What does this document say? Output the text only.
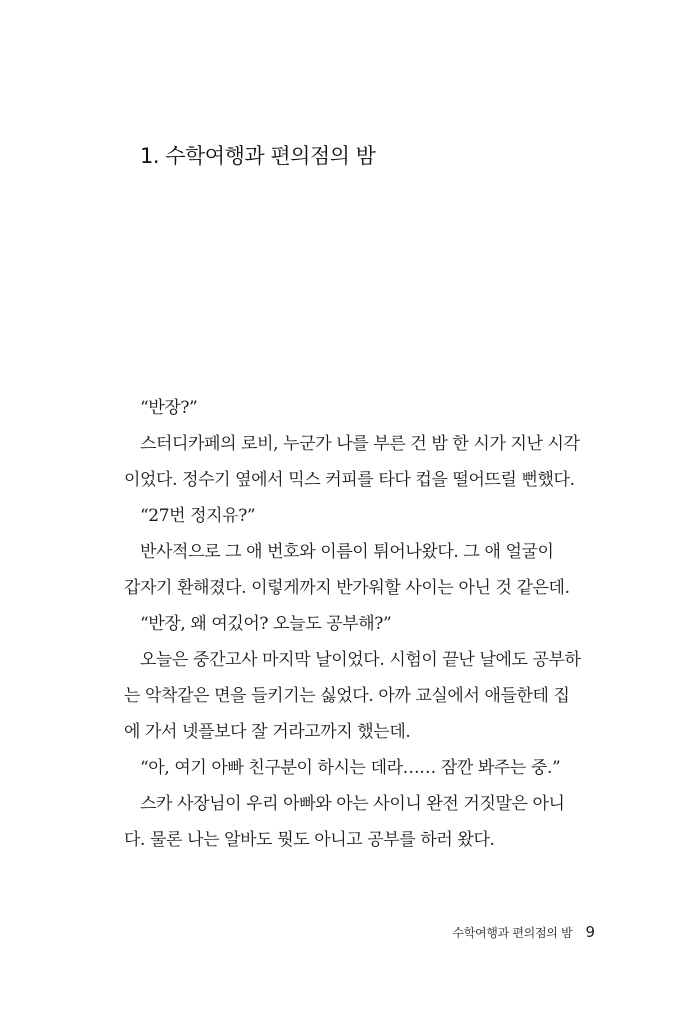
1. 수학여행과 편의점의 밤
“반장?”
스터디카페의 로비, 누군가 나를 부른 건 밤 한 시가 지난 시각
이었다. 정수기 옆에서 믹스 커피를 타다 컵을 떨어뜨릴 뻔했다.
“27번 정지유?”
반사적으로 그 애 번호와 이름이 튀어나왔다. 그 애 얼굴이
갑자기 환해졌다. 이렇게까지 반가워할 사이는 아닌 것 같은데.
“반장, 왜 여깄어? 오늘도 공부해?”
오늘은 중간고사 마지막 날이었다. 시험이 끝난 날에도 공부하
는 악착같은 면을 들키기는 싫었다. 아까 교실에서 애들한테 집
에 가서 넷플보다 잘 거라고까지 했는데.
“아, 여기 아빠 친구분이 하시는 데라…… 잠깐 봐주는 중.”
스카 사장님이 우리 아빠와 아는 사이니 완전 거짓말은 아니
다. 물론 나는 알바도 뭣도 아니고 공부를 하러 왔다.
수학여행과 편의점의 밤 9
